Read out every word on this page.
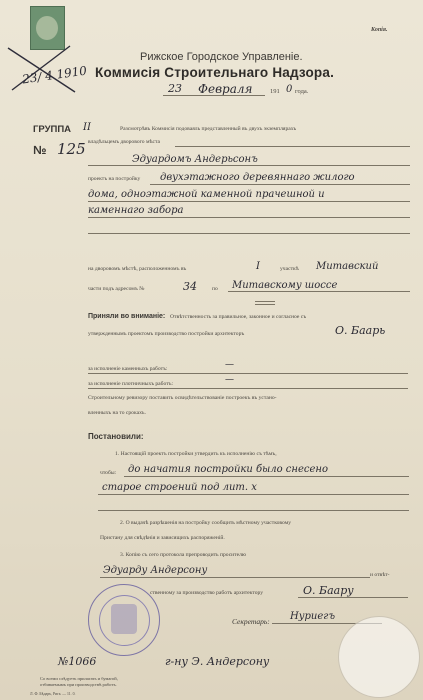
23/ 4 1910
Копія.
Рижское Городское Управленіе.
Коммисія Строительнаго Надзора.
23 Февраля	191 0 года.
ГРУППА II
№ 125
Разсмотрѣвъ Коммисія подоваяль представленный въ двухъ экземплярахъ
владѣльцемъ дворового мѣста
Эдуардомъ Андерьсонъ
проектъ на постройку двухэтажного деревяннаго жилого
дома, одноэтажной каменной прачешной и
каменнаго забора
на дворовомъ мѣстѣ, расположенномъ въ	I	участкѣ Митавский
части подъ адресомъ №	34	по Митавскому шоссе
Приняли во вниманіе: Отвѣтственность за правильное, законное и согласное съ
утвержденнымъ проектомъ производство постройки архитекторъ	О. Баарь
за исполненіе каменныхъ работъ:	—
за исполненіе плотничныхъ работъ:	—
Строительному ревизору поставить освидѣтельствованіе построекъ въ устано-
вленныхъ на то срокахъ.
Постановили:
1. Настоящій проектъ постройки утвердить къ исполненію съ тѣмъ,
чтобы: до начатия постройки было снесено
старое строений под лит. x
2. О выдачѣ разрѣшенія на постройку сообщить мѣстному участковому
Пристану для свѣдѣнія и зависящихъ распоряженій.
3. Копію съ сего протокола препроводить просителю
Эдуарду Андерсону	и отвѣт-
ственному за производство работъ архитектору	О. Баару
Секретарь: Нуриегъ
№1066	г-ну Э. Андерсону
Со всеми слѣдуетъ прилагать и бумагой,
отбиваемымъ при производствѣ работъ.
Л. Ф. Бѣдаръ, Рига. — 11. 0.
